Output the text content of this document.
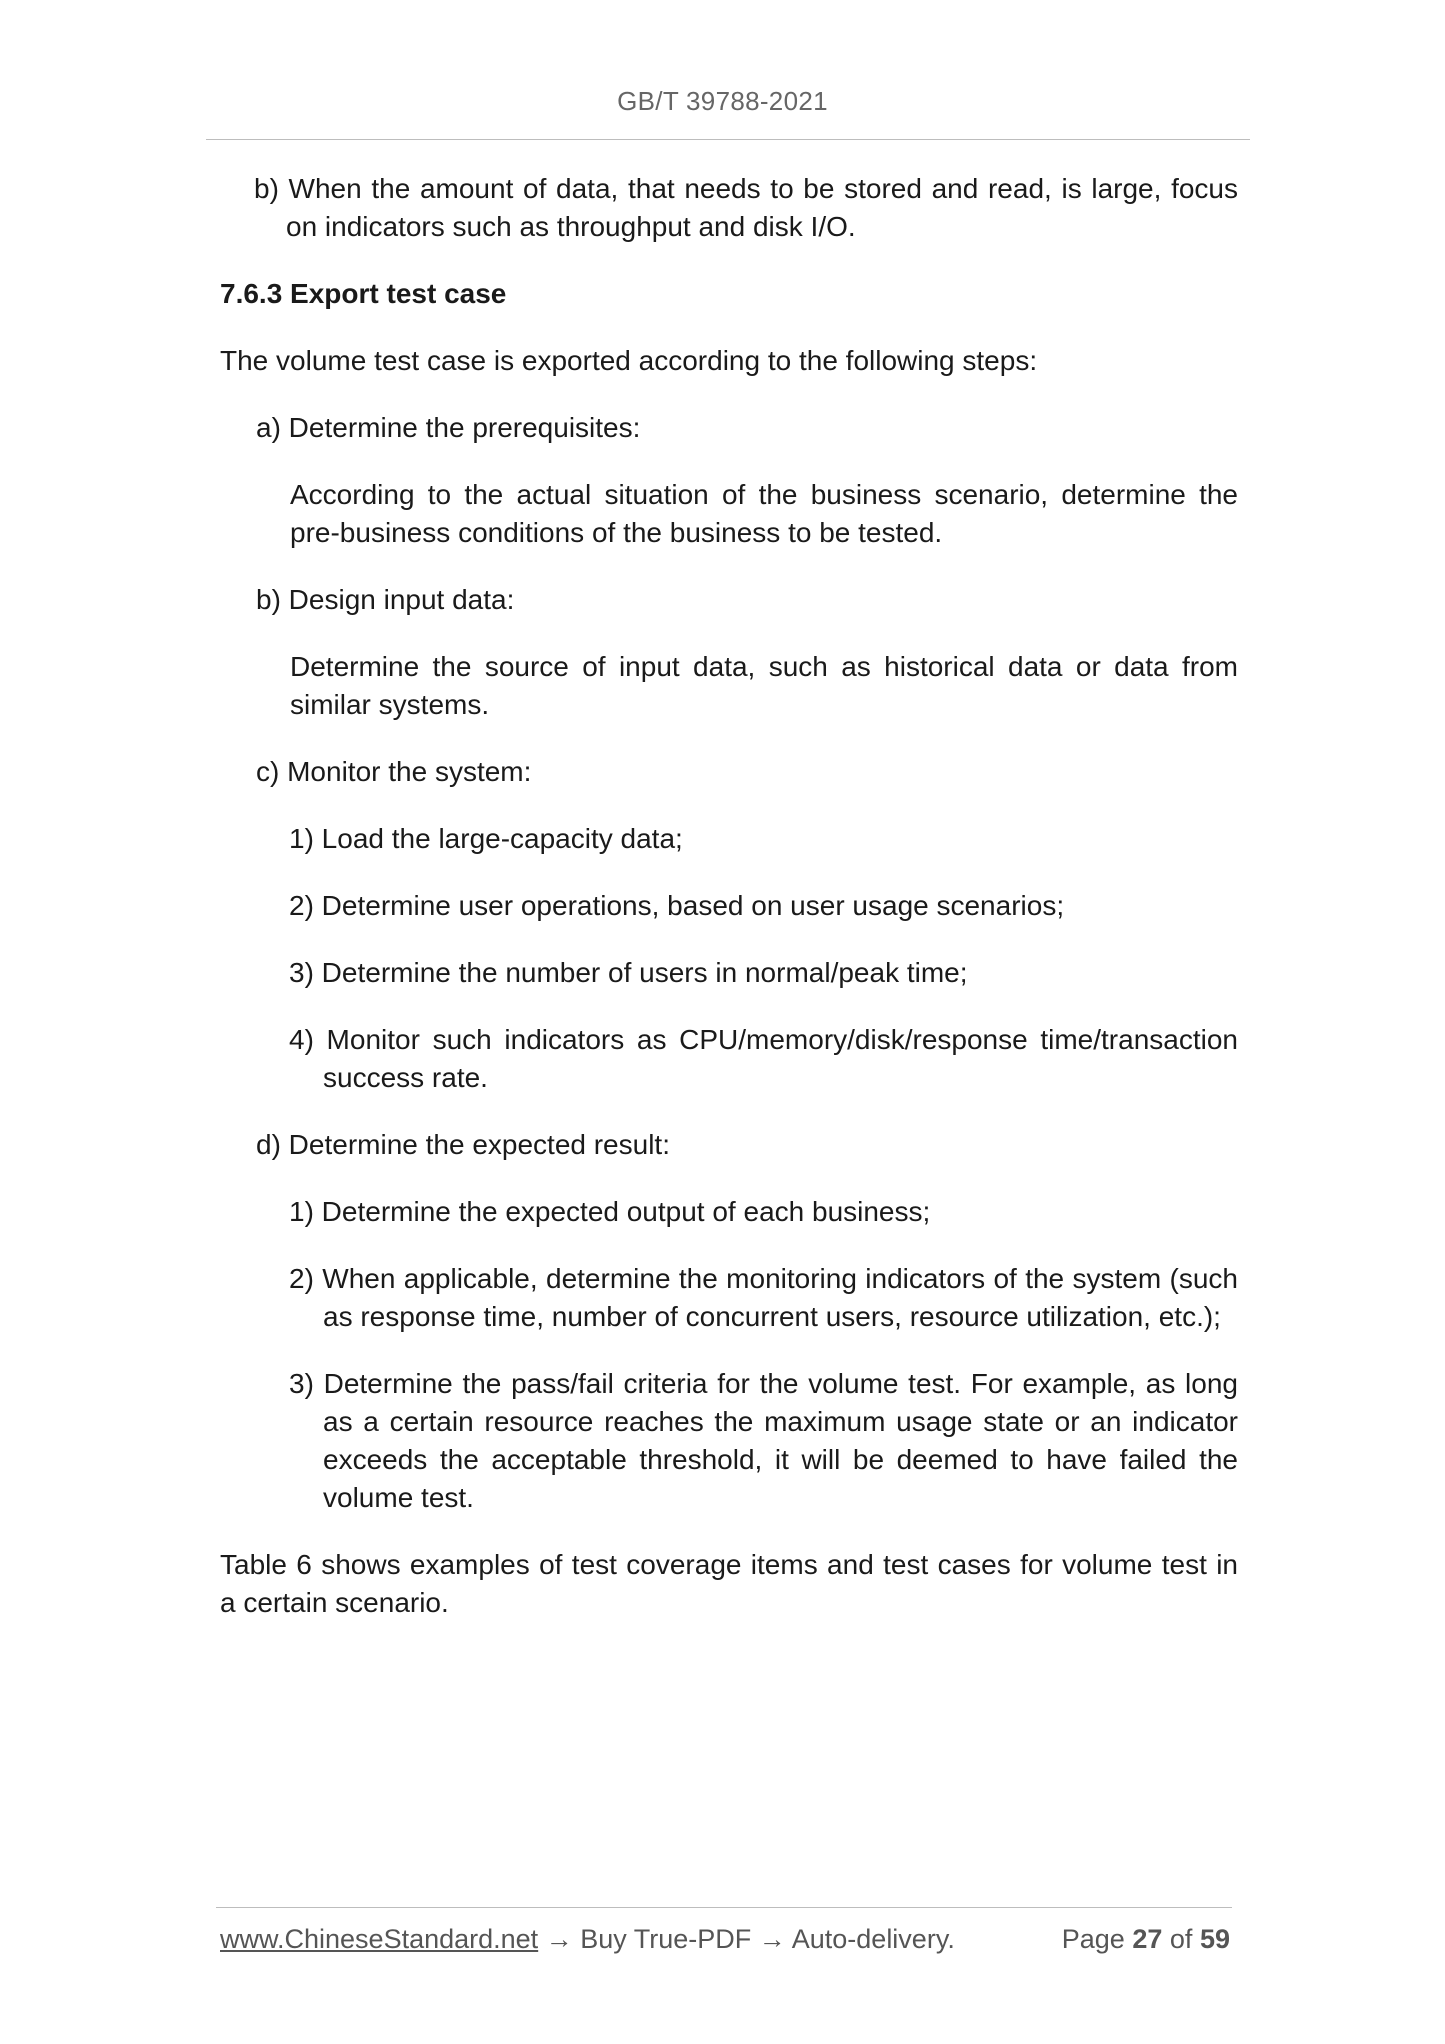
GB/T 39788-2021

b) When the amount of data, that needs to be stored and read, is large, focus on indicators such as throughput and disk I/O.

7.6.3 Export test case

The volume test case is exported according to the following steps:

a) Determine the prerequisites:

According to the actual situation of the business scenario, determine the pre-business conditions of the business to be tested.

b) Design input data:

Determine the source of input data, such as historical data or data from similar systems.

c) Monitor the system:

1) Load the large-capacity data;

2) Determine user operations, based on user usage scenarios;

3) Determine the number of users in normal/peak time;

4) Monitor such indicators as CPU/memory/disk/response time/transaction success rate.

d) Determine the expected result:

1) Determine the expected output of each business;

2) When applicable, determine the monitoring indicators of the system (such as response time, number of concurrent users, resource utilization, etc.);

3) Determine the pass/fail criteria for the volume test. For example, as long as a certain resource reaches the maximum usage state or an indicator exceeds the acceptable threshold, it will be deemed to have failed the volume test.

Table 6 shows examples of test coverage items and test cases for volume test in a certain scenario.

www.ChineseStandard.net → Buy True-PDF → Auto-delivery.	Page 27 of 59
